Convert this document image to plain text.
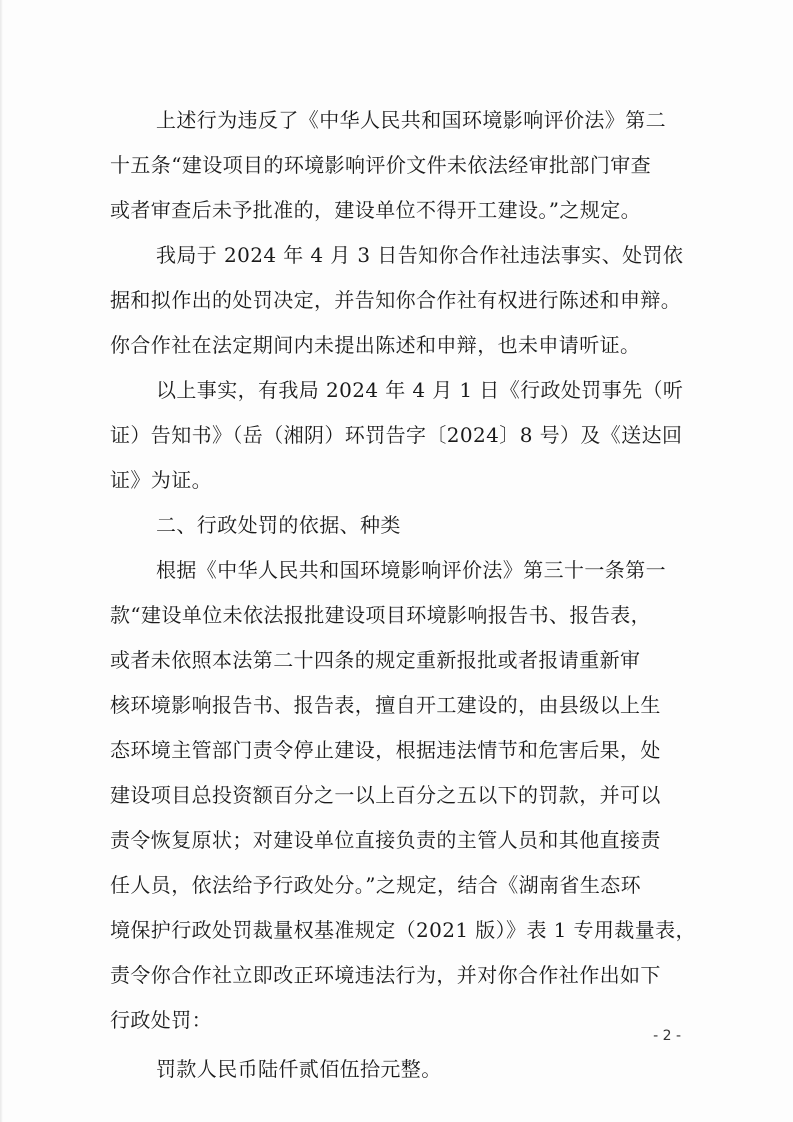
上述行为违反了《中华人民共和国环境影响评价法》第二
十五条“建设项目的环境影响评价文件未依法经审批部门审查
或者审查后未予批准的，建设单位不得开工建设。”之规定。
我局于 2024 年 4 月 3 日告知你合作社违法事实、处罚依
据和拟作出的处罚决定，并告知你合作社有权进行陈述和申辩。
你合作社在法定期间内未提出陈述和申辩，也未申请听证。
以上事实，有我局 2024 年 4 月 1 日《行政处罚事先（听
证）告知书》（岳（湘阴）环罚告字〔2024〕8 号）及《送达回
证》为证。
二、行政处罚的依据、种类
根据《中华人民共和国环境影响评价法》第三十一条第一
款“建设单位未依法报批建设项目环境影响报告书、报告表，
或者未依照本法第二十四条的规定重新报批或者报请重新审
核环境影响报告书、报告表，擅自开工建设的，由县级以上生
态环境主管部门责令停止建设，根据违法情节和危害后果，处
建设项目总投资额百分之一以上百分之五以下的罚款，并可以
责令恢复原状；对建设单位直接负责的主管人员和其他直接责
任人员，依法给予行政处分。”之规定，结合《湖南省生态环
境保护行政处罚裁量权基准规定（2021 版）》表 1 专用裁量表，
责令你合作社立即改正环境违法行为，并对你合作社作出如下
行政处罚：
罚款人民币陆仟贰佰伍拾元整。
- 2 -
